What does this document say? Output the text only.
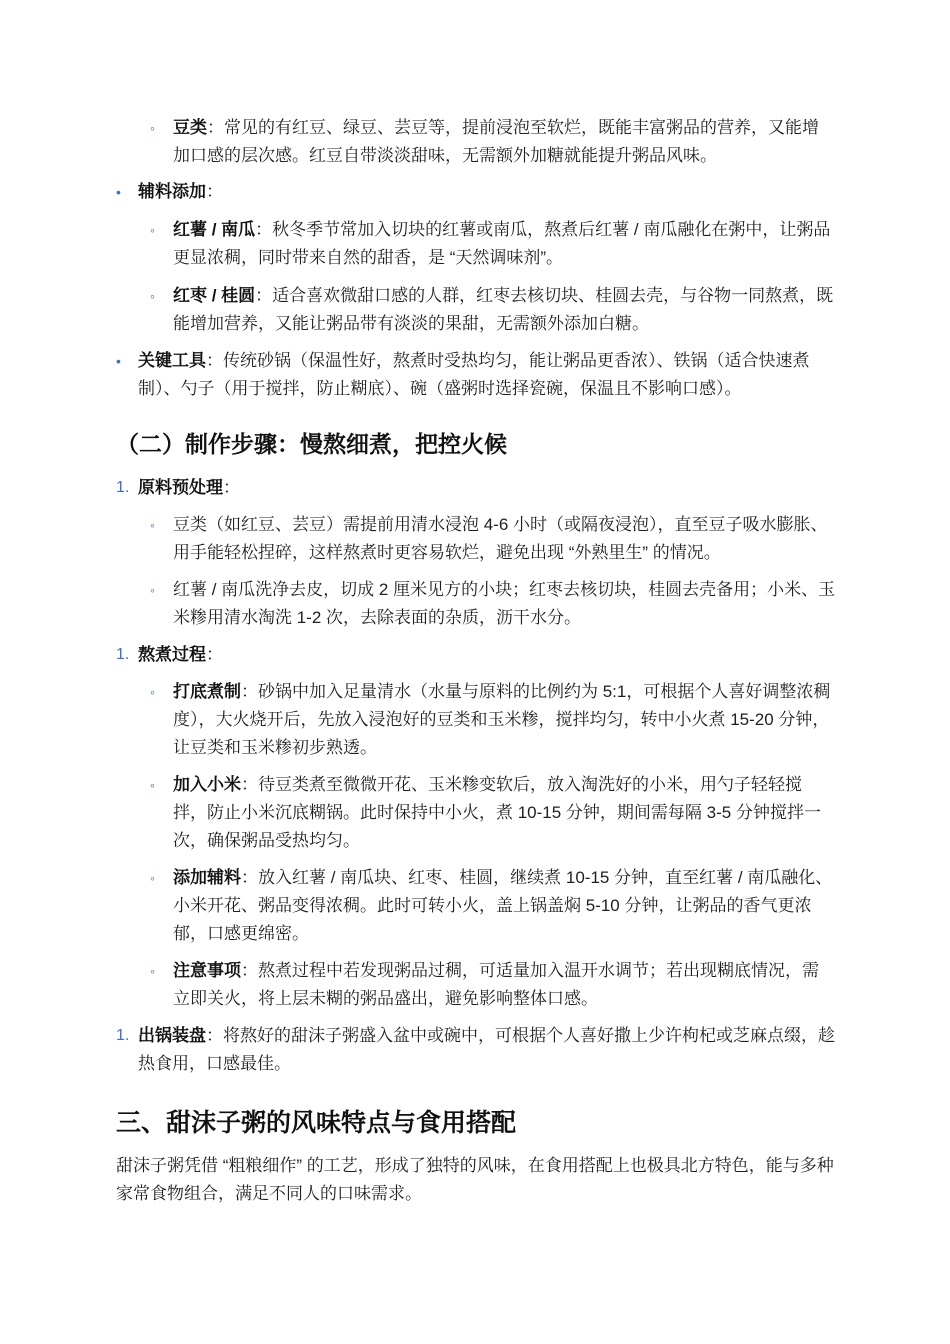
◦ 豆类：常见的有红豆、绿豆、芸豆等，提前浸泡至软烂，既能丰富粥品的营养，又能增加口感的层次感。红豆自带淡淡甜味，无需额外加糖就能提升粥品风味。
• 辅料添加：
◦ 红薯 / 南瓜：秋冬季节常加入切块的红薯或南瓜，熬煮后红薯 / 南瓜融化在粥中，让粥品更显浓稠，同时带来自然的甜香，是 “天然调味剂”。
◦ 红枣 / 桂圆：适合喜欢微甜口感的人群，红枣去核切块、桂圆去壳，与谷物一同熬煮，既能增加营养，又能让粥品带有淡淡的果甜，无需额外添加白糖。
• 关键工具：传统砂锅（保温性好，熬煮时受热均匀，能让粥品更香浓）、铁锅（适合快速煮制）、勺子（用于搅拌，防止糊底）、碗（盛粥时选择瓷碗，保温且不影响口感）。
（二）制作步骤：慢熬细煮，把控火候
1. 原料预处理：
◦ 豆类（如红豆、芸豆）需提前用清水浸泡 4-6 小时（或隔夜浸泡），直至豆子吸水膨胀、用手能轻松捏碎，这样熬煮时更容易软烂，避免出现 “外熟里生” 的情况。
◦ 红薯 / 南瓜洗净去皮，切成 2 厘米见方的小块；红枣去核切块，桂圆去壳备用；小米、玉米糁用清水淘洗 1-2 次，去除表面的杂质，沥干水分。
1. 熬煮过程：
◦ 打底煮制：砂锅中加入足量清水（水量与原料的比例约为 5:1，可根据个人喜好调整浓稠度），大火烧开后，先放入浸泡好的豆类和玉米糁，搅拌均匀，转中小火煮 15-20 分钟，让豆类和玉米糁初步熟透。
◦ 加入小米：待豆类煮至微微开花、玉米糁变软后，放入淘洗好的小米，用勺子轻轻搅拌，防止小米沉底糊锅。此时保持中小火，煮 10-15 分钟，期间需每隔 3-5 分钟搅拌一次，确保粥品受热均匀。
◦ 添加辅料：放入红薯 / 南瓜块、红枣、桂圆，继续煮 10-15 分钟，直至红薯 / 南瓜融化、小米开花、粥品变得浓稠。此时可转小火，盖上锅盖焖 5-10 分钟，让粥品的香气更浓郁，口感更绵密。
◦ 注意事项：熬煮过程中若发现粥品过稠，可适量加入温开水调节；若出现糊底情况，需立即关火，将上层未糊的粥品盛出，避免影响整体口感。
1. 出锅装盘：将熬好的甜沫子粥盛入盆中或碗中，可根据个人喜好撒上少许枸杞或芝麻点缀，趁热食用，口感最佳。
三、甜沫子粥的风味特点与食用搭配
甜沫子粥凭借 “粗粮细作” 的工艺，形成了独特的风味，在食用搭配上也极具北方特色，能与多种家常食物组合，满足不同人的口味需求。
